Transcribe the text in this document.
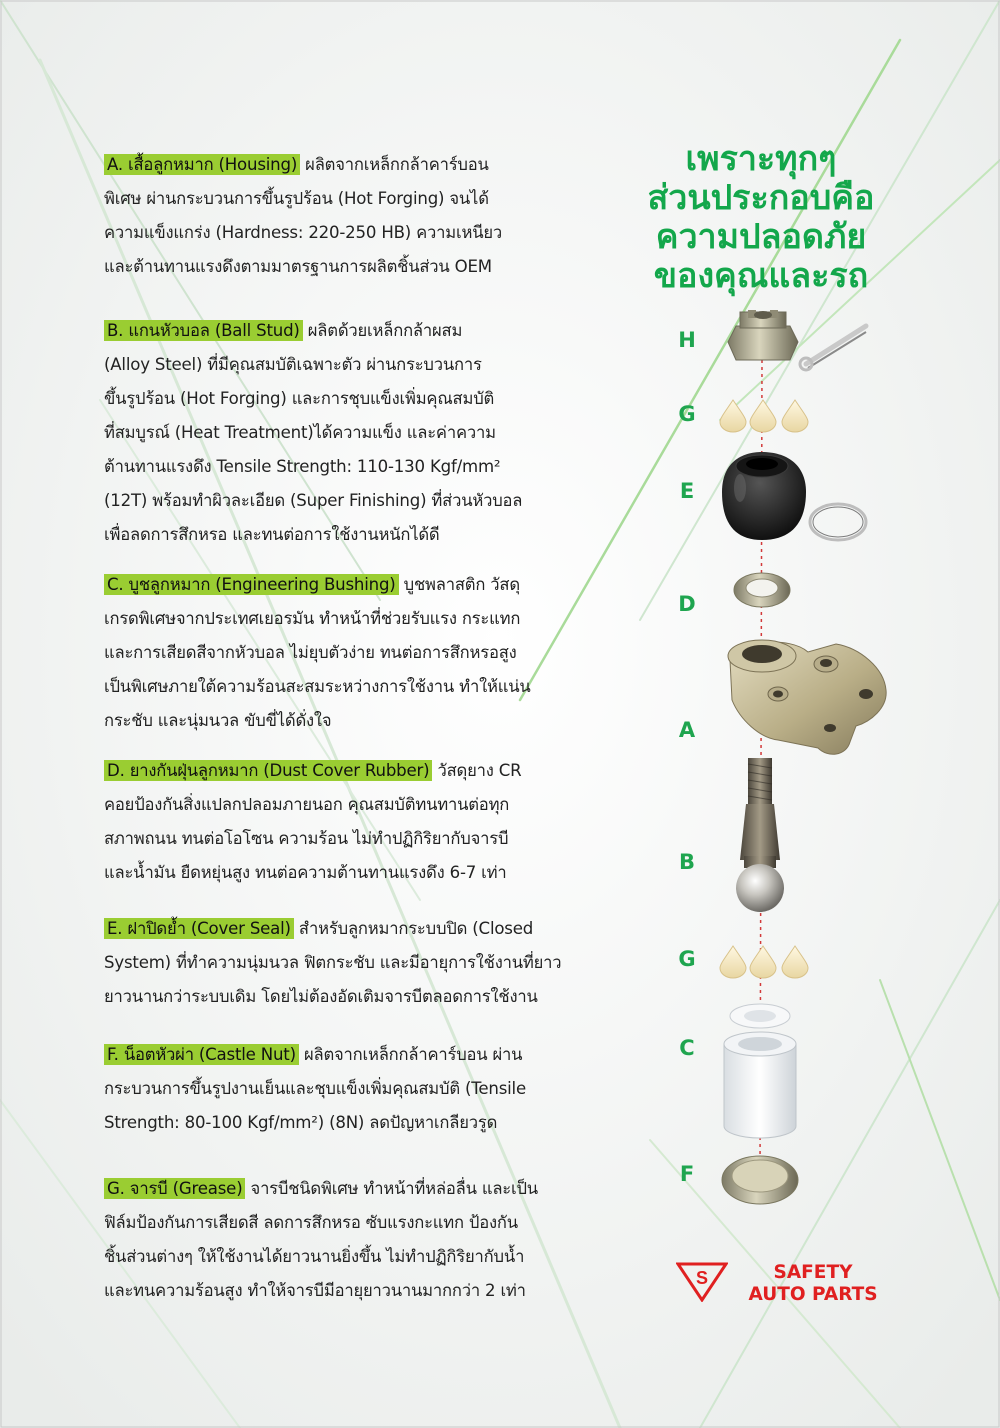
เพราะทุกๆ
ส่วนประกอบคือ
ความปลอดภัย
ของคุณและรถ
A. เสื้อลูกหมาก (Housing) ผลิตจากเหล็กกล้าคาร์บอน
พิเศษ ผ่านกระบวนการขึ้นรูปร้อน (Hot Forging) จนได้
ความแข็งแกร่ง (Hardness: 220-250 HB) ความเหนียว
และต้านทานแรงดึงตามมาตรฐานการผลิตชิ้นส่วน OEM
B. แกนหัวบอล (Ball Stud) ผลิตด้วยเหล็กกล้าผสม
(Alloy Steel) ที่มีคุณสมบัติเฉพาะตัว ผ่านกระบวนการ
ขึ้นรูปร้อน (Hot Forging) และการชุบแข็งเพิ่มคุณสมบัติ
ที่สมบูรณ์ (Heat Treatment)ได้ความแข็ง และค่าความ
ต้านทานแรงดึง Tensile Strength: 110-130 Kgf/mm²
(12T) พร้อมทำผิวละเอียด (Super Finishing) ที่ส่วนหัวบอล
เพื่อลดการสึกหรอ และทนต่อการใช้งานหนักได้ดี
C. บูชลูกหมาก (Engineering Bushing) บูชพลาสติก วัสดุ
เกรดพิเศษจากประเทศเยอรมัน ทำหน้าที่ช่วยรับแรง กระแทก
และการเสียดสีจากหัวบอล ไม่ยุบตัวง่าย ทนต่อการสึกหรอสูง
เป็นพิเศษภายใต้ความร้อนสะสมระหว่างการใช้งาน ทำให้แน่น
กระชับ และนุ่มนวล ขับขี่ได้ดั่งใจ
D. ยางกันฝุ่นลูกหมาก (Dust Cover Rubber) วัสดุยาง CR
คอยป้องกันสิ่งแปลกปลอมภายนอก คุณสมบัติทนทานต่อทุก
สภาพถนน ทนต่อโอโซน ความร้อน ไม่ทำปฏิกิริยากับจารบี
และน้ำมัน ยืดหยุ่นสูง ทนต่อความต้านทานแรงดึง 6-7 เท่า
E. ฝาปิดย้ำ (Cover Seal) สำหรับลูกหมากระบบปิด (Closed
System) ที่ทำความนุ่มนวล ฟิตกระชับ และมีอายุการใช้งานที่ยาว
ยาวนานกว่าระบบเดิม โดยไม่ต้องอัดเติมจารบีตลอดการใช้งาน
F. น็อตหัวผ่า (Castle Nut) ผลิตจากเหล็กกล้าคาร์บอน ผ่าน
กระบวนการขึ้นรูปงานเย็นและชุบแข็งเพิ่มคุณสมบัติ (Tensile
Strength: 80-100 Kgf/mm²) (8N) ลดปัญหาเกลียวรูด
G. จารบี (Grease) จารบีชนิดพิเศษ ทำหน้าที่หล่อลื่น และเป็น
ฟิล์มป้องกันการเสียดสี ลดการสึกหรอ ซับแรงกะแทก ป้องกัน
ชิ้นส่วนต่างๆ ให้ใช้งานได้ยาวนานยิ่งขึ้น ไม่ทำปฏิกิริยากับน้ำ
และทนความร้อนสูง ทำให้จารบีมีอายุยาวนานมากกว่า 2 เท่า
H
G
E
D
A
B
G
C
F
S	SAFETY
AUTO PARTS
